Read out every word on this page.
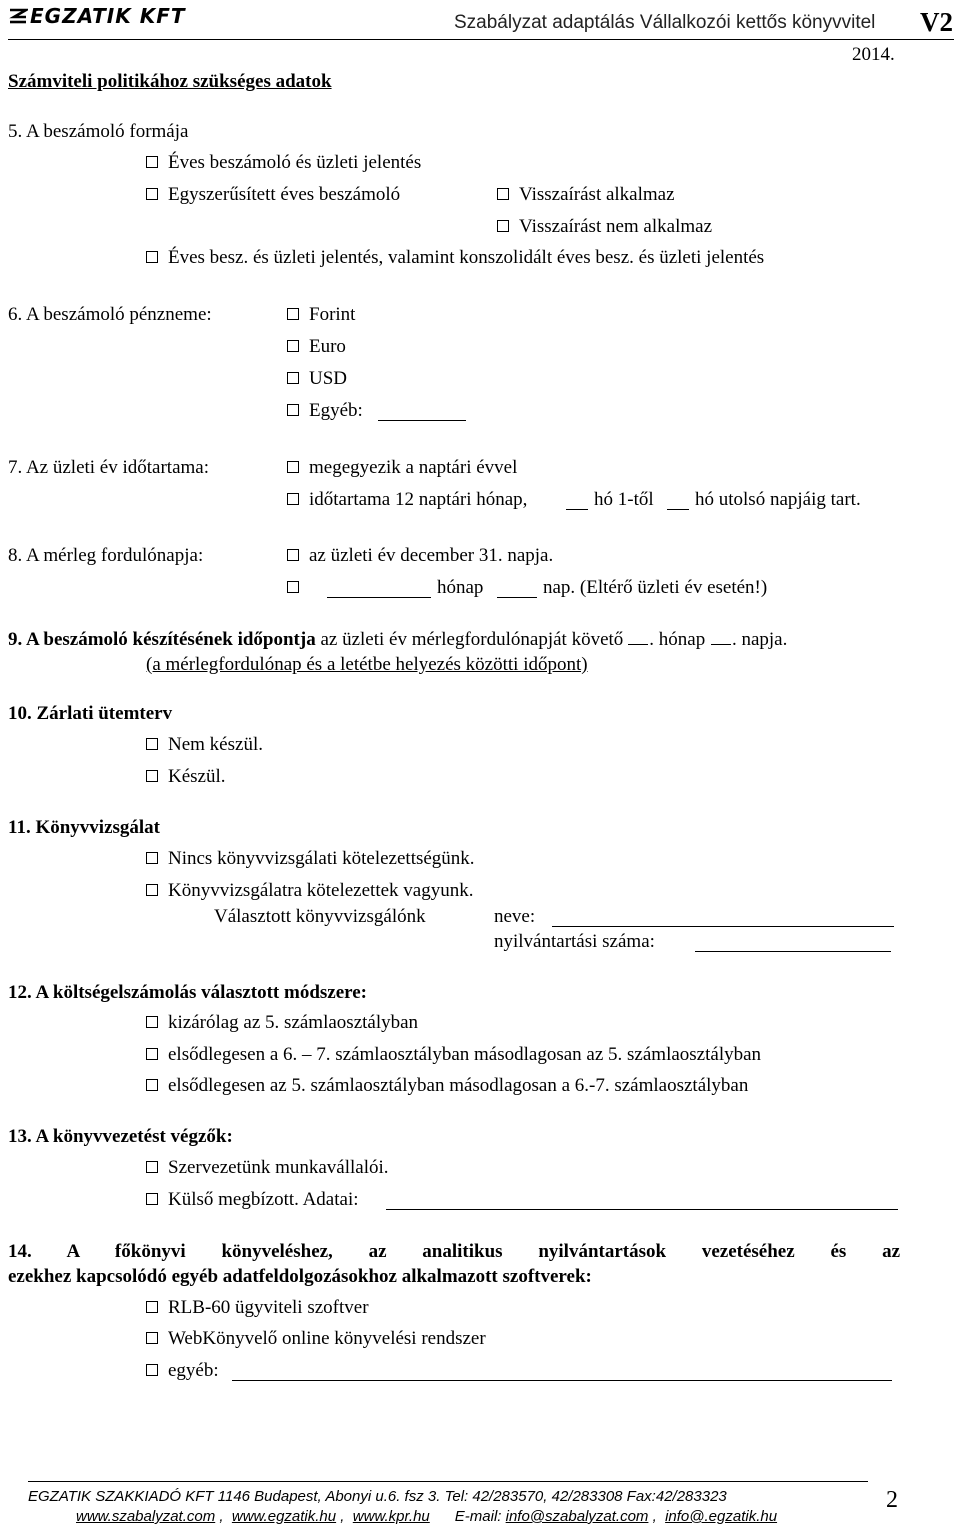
EGZATIK KFT	Szabályzat adaptálás Vállalkozói kettős könyvvitel V2
2014.
Számviteli politikához szükséges adatok
5. A beszámoló formája
Éves beszámoló és üzleti jelentés
Egyszerűsített éves beszámoló	Visszaírást alkalmaz
Visszaírást nem alkalmaz
Éves besz. és üzleti jelentés, valamint konszolidált éves besz. és üzleti jelentés
6. A beszámoló pénzneme:	Forint
Euro
USD
Egyéb:
7. Az üzleti év időtartama:	megegyezik a naptári évvel
időtartama 12 naptári hónap,	hó 1-től hó utolsó napjáig tart.
8. A mérleg fordulónapja:	az üzleti év december 31. napja.
hónap	nap. (Eltérő üzleti év esetén!)
9. A beszámoló készítésének időpontja az üzleti év mérlegfordulónapját követő . hónap . napja.
(a mérlegfordulónap és a letétbe helyezés közötti időpont)
10. Zárlati ütemterv
Nem készül.
Készül.
11. Könyvvizsgálat
Nincs könyvvizsgálati kötelezettségünk.
Könyvvizsgálatra kötelezettek vagyunk.
Választott könyvvizsgálónk	neve:
nyilvántartási száma:
12. A költségelszámolás választott módszere:
kizárólag az 5. számlaosztályban
elsődlegesen a 6. – 7. számlaosztályban másodlagosan az 5. számlaosztályban
elsődlegesen az 5. számlaosztályban másodlagosan a 6.-7. számlaosztályban
13. A könyvvezetést végzők:
Szervezetünk munkavállalói.
Külső megbízott. Adatai:
14. A főkönyvi könyveléshez, az analitikus nyilvántartások vezetéséhez és az
ezekhez kapcsolódó egyéb adatfeldolgozásokhoz alkalmazott szoftverek:
RLB-60 ügyviteli szoftver
WebKönyvelő online könyvelési rendszer
egyéb:
EGZATIK SZAKKIADÓ KFT 1146 Budapest, Abonyi u.6. fsz 3. Tel: 42/283570, 42/283308 Fax:42/283323
www.szabalyzat.com ,  www.egzatik.hu ,  www.kpr.hu E-mail: info@szabalyzat.com ,  info@.egzatik.hu
2
